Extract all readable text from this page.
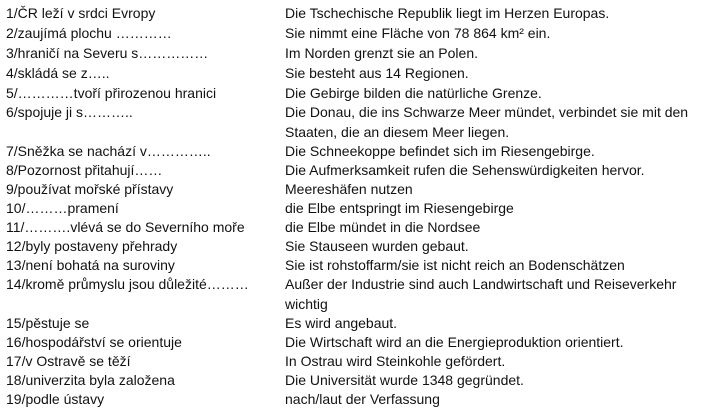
1/ČR leží v srdci Evropy	Die Tschechische Republik liegt im Herzen Europas.
2/zaujímá plochu …………	Sie nimmt eine Fläche von 78 864 km² ein.
3/hraničí na Severu s……………	Im Norden grenzt sie an Polen.
4/skládá se z…..	Sie besteht aus 14 Regionen.
5/…………tvoří přirozenou hranici	Die Gebirge bilden die natürliche Grenze.
6/spojuje ji s………..	Die Donau, die ins Schwarze Meer mündet, verbindet sie mit den Staaten, die an diesem Meer liegen.
7/Sněžka se nachází v…………..	Die Schneekoppe befindet sich im Riesengebirge.
8/Pozornost přitahují……	Die Aufmerksamkeit rufen die Sehenswürdigkeiten hervor.
9/používat mořské přístavy	Meereshäfen nutzen
10/………pramení	die Elbe entspringt im Riesengebirge
11/……….vlévá se do Severního moře	die Elbe mündet in die Nordsee
12/byly postaveny přehrady	Sie Stauseen wurden gebaut.
13/není bohatá na suroviny	Sie ist rohstoffarm/sie ist nicht reich an Bodenschätzen
14/kromě průmyslu jsou důležité………	Außer der Industrie sind auch Landwirtschaft und Reiseverkehr wichtig
15/pěstuje se	Es wird angebaut.
16/hospodářství se orientuje	Die Wirtschaft wird an die Energieproduktion orientiert.
17/v Ostravě se těží	In Ostrau wird Steinkohle gefördert.
18/univerzita byla založena	Die Universität wurde 1348 gegründet.
19/podle ústavy	nach/laut der Verfassung
